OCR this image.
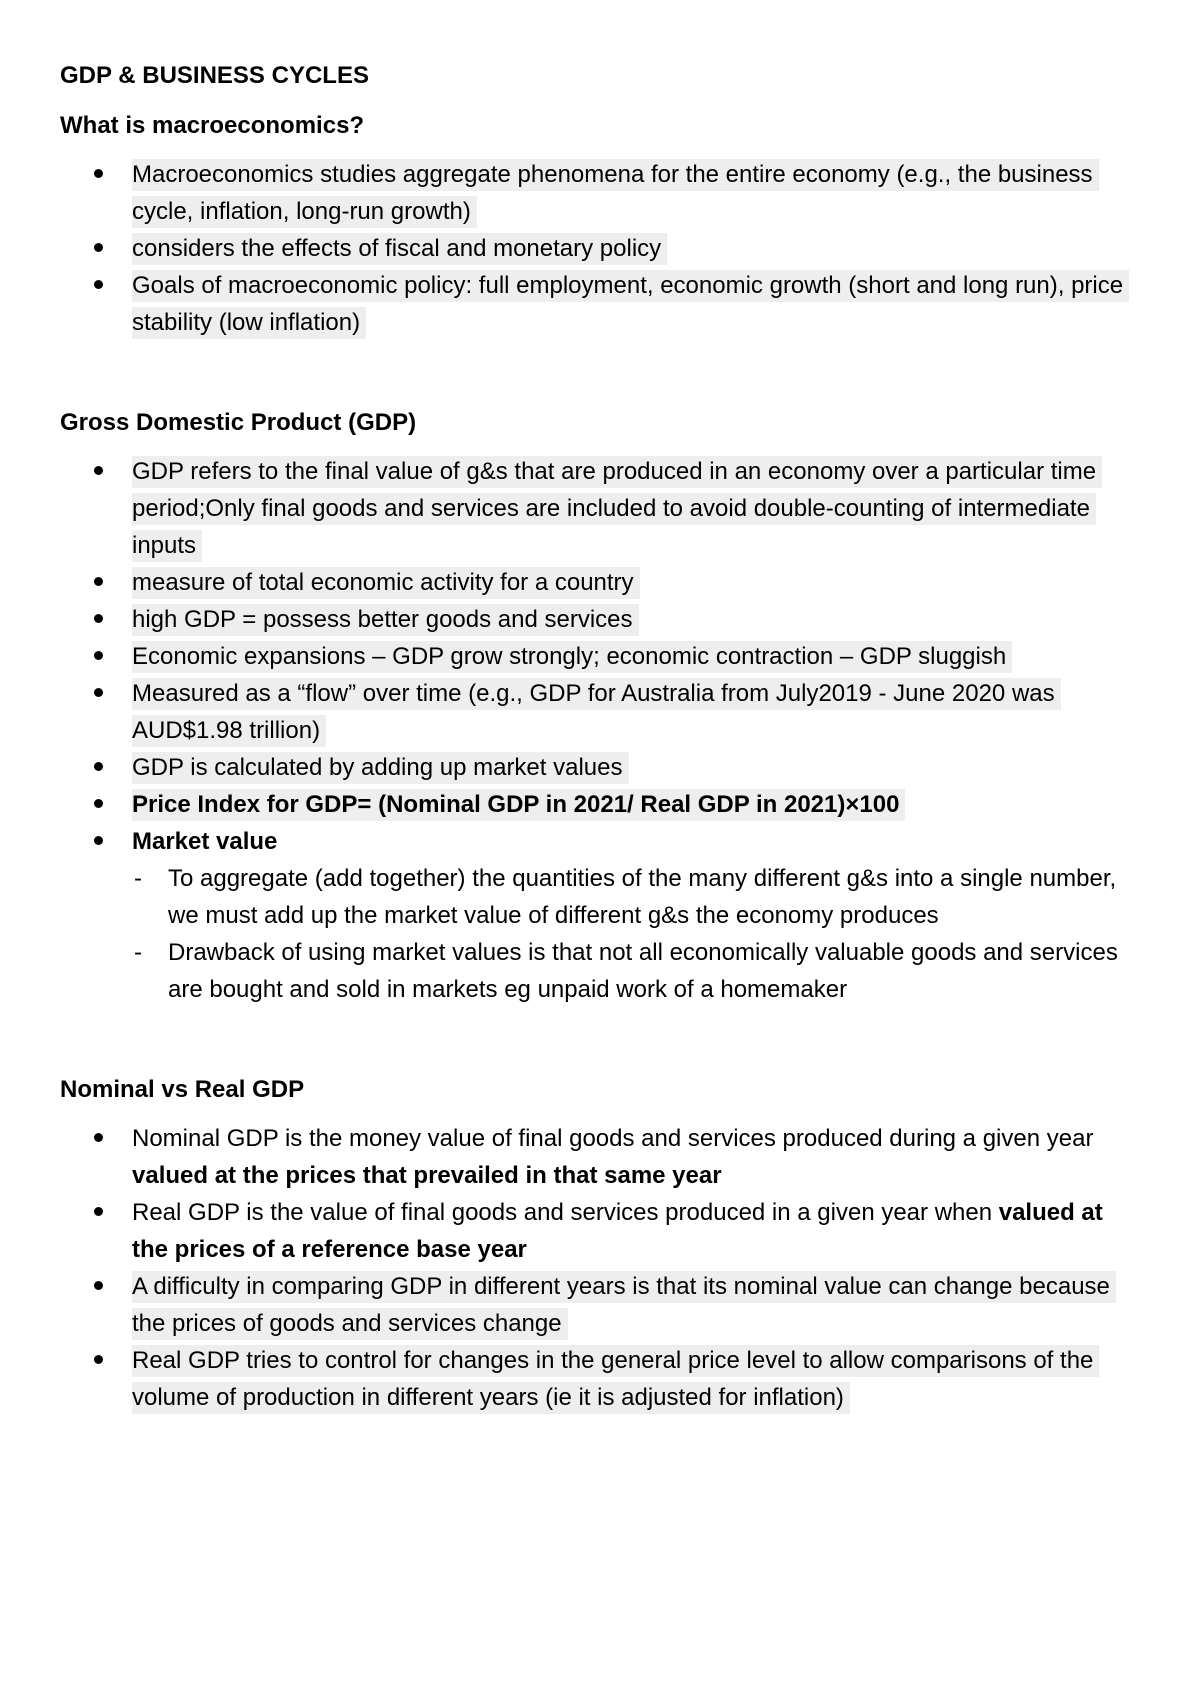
GDP & BUSINESS CYCLES

What is macroeconomics?

Macroeconomics studies aggregate phenomena for the entire economy (e.g., the business cycle, inflation, long-run growth)
considers the effects of fiscal and monetary policy
Goals of macroeconomic policy: full employment, economic growth (short and long run), price stability (low inflation)

Gross Domestic Product (GDP)

GDP refers to the final value of g&s that are produced in an economy over a particular time period;Only final goods and services are included to avoid double-counting of intermediate inputs
measure of total economic activity for a country
high GDP = possess better goods and services
Economic expansions – GDP grow strongly; economic contraction – GDP sluggish
Measured as a “flow” over time (e.g., GDP for Australia from July2019 - June 2020 was AUD$1.98 trillion)
GDP is calculated by adding up market values
Price Index for GDP= (Nominal GDP in 2021/ Real GDP in 2021)×100
Market value
- To aggregate (add together) the quantities of the many different g&s into a single number, we must add up the market value of different g&s the economy produces
- Drawback of using market values is that not all economically valuable goods and services are bought and sold in markets eg unpaid work of a homemaker

Nominal vs Real GDP

Nominal GDP is the money value of final goods and services produced during a given year valued at the prices that prevailed in that same year
Real GDP is the value of final goods and services produced in a given year when valued at the prices of a reference base year
A difficulty in comparing GDP in different years is that its nominal value can change because the prices of goods and services change
Real GDP tries to control for changes in the general price level to allow comparisons of the volume of production in different years (ie it is adjusted for inflation)
